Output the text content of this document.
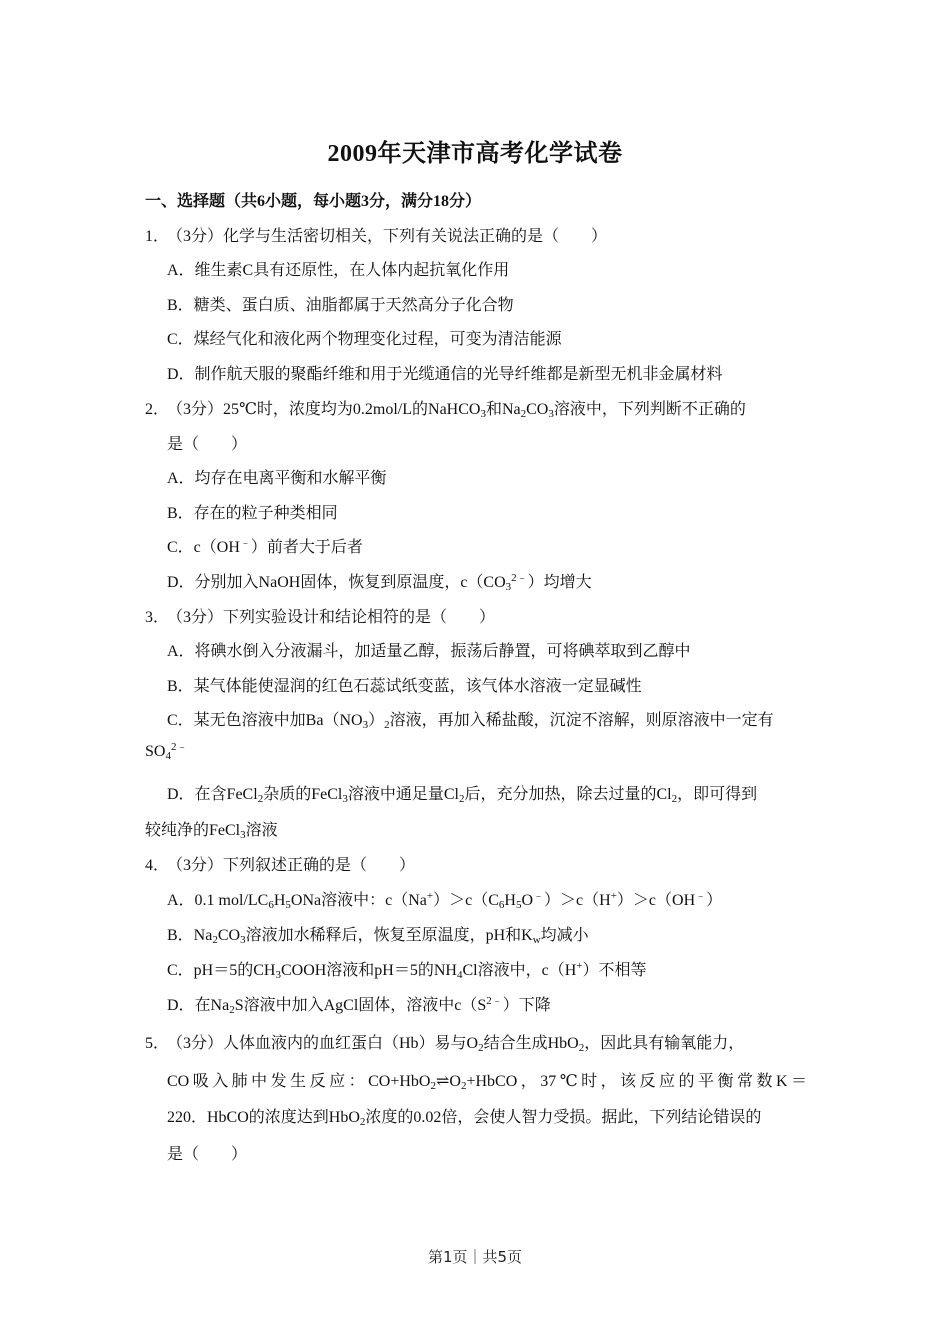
2009年天津市高考化学试卷
一、选择题（共6小题，每小题3分，满分18分）
1．（3分）化学与生活密切相关，下列有关说法正确的是（　　）
A．维生素C具有还原性，在人体内起抗氧化作用
B．糖类、蛋白质、油脂都属于天然高分子化合物
C．煤经气化和液化两个物理变化过程，可变为清洁能源
D．制作航天服的聚酯纤维和用于光缆通信的光导纤维都是新型无机非金属材料
2．（3分）25℃时，浓度均为0.2mol/L的NaHCO$_3$和$Na_2CO_3$溶液中，下列判断不正确的
是（　　）
A．均存在电离平衡和水解平衡
B．存在的粒子种类相同
C．c（OH﹣）前者大于后者
D．分别加入NaOH固体，恢复到原温度，$c(CO_3^{2﹣})$均增大
3．（3分）下列实验设计和结论相符的是（　　）
A．将碘水倒入分液漏斗，加适量乙醇，振荡后静置，可将碘萃取到乙醇中
B．某气体能使湿润的红色石蕊试纸变蓝，该气体水溶液一定显碱性
C．某无色溶液中加$Ba(NO_3)_2$溶液，再加入稀盐酸，沉淀不溶解，则原溶液中一定有
$SO_4^{2﹣}$
D．在含FeCl$_2$杂质的FeCl$_3$溶液中通足量$Cl_2$后，充分加热，除去过量的$Cl_2$，即可得到
较纯净的FeCl$_3$溶液
4．（3分）下列叙述正确的是（　　）
A．0.1 mol/$LC_6H_5ONa$溶液中：$c(Na^+)>c(C_6H_5O^﹣)>c(H^+)>c(OH^﹣)$
B．$Na_2CO_3$溶液加水稀释后，恢复至原温度，pH和$K_w$均减小
C．pH＝5的$CH_3COOH$溶液和pH＝5的$NH_4Cl$溶液中，c（H+）不相等
D．在$Na_2S$溶液中加入AgCl固体，溶液中$c(S^{2﹣})$下降
5．（3分）人体血液内的血红蛋白（Hb）易与$O_2$结合生成HbO$_2$，因此具有输氧能力，
CO吸入肺中发生反应：$CO+HbO_2\rightleftharpoons O_2+HbCO$，37℃时，该反应的平衡常数K＝
220．HbCO的浓度达到HbO$_2$浓度的0.02倍，会使人智力受损。据此，下列结论错误的
是（　　）
第1页｜共5页
